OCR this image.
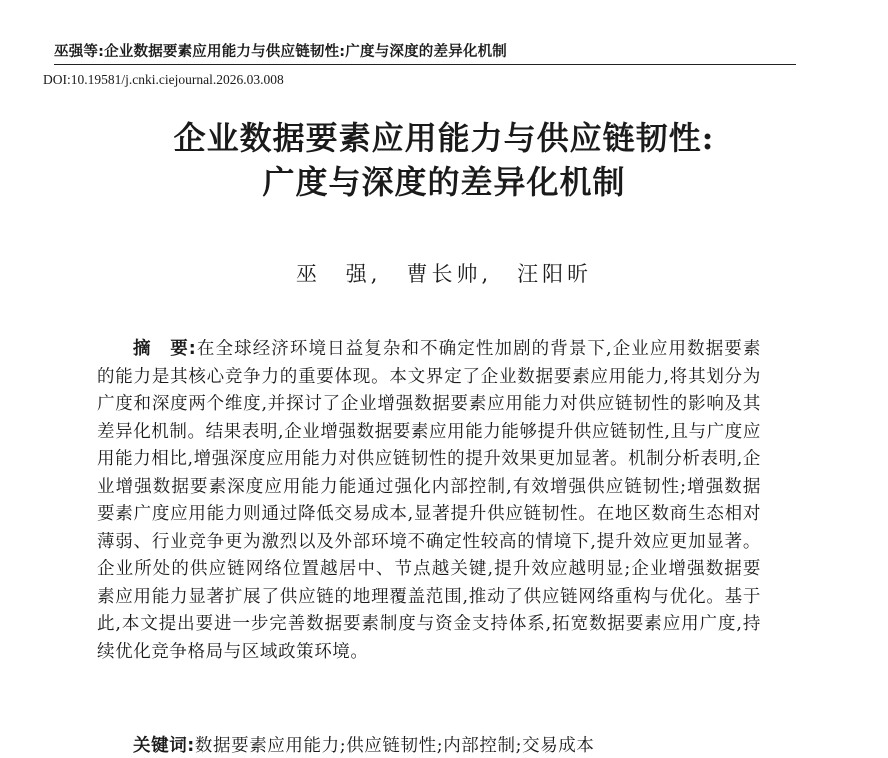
巫强等:企业数据要素应用能力与供应链韧性:广度与深度的差异化机制
DOI:10.19581/j.cnki.ciejournal.2026.03.008
企业数据要素应用能力与供应链韧性:
广度与深度的差异化机制
巫　强,　曹长帅,　汪阳昕
摘　要:在全球经济环境日益复杂和不确定性加剧的背景下,企业应用数据要素的能力是其核心竞争力的重要体现。本文界定了企业数据要素应用能力,将其划分为广度和深度两个维度,并探讨了企业增强数据要素应用能力对供应链韧性的影响及其差异化机制。结果表明,企业增强数据要素应用能力能够提升供应链韧性,且与广度应用能力相比,增强深度应用能力对供应链韧性的提升效果更加显著。机制分析表明,企业增强数据要素深度应用能力能通过强化内部控制,有效增强供应链韧性;增强数据要素广度应用能力则通过降低交易成本,显著提升供应链韧性。在地区数商生态相对薄弱、行业竞争更为激烈以及外部环境不确定性较高的情境下,提升效应更加显著。企业所处的供应链网络位置越居中、节点越关键,提升效应越明显;企业增强数据要素应用能力显著扩展了供应链的地理覆盖范围,推动了供应链网络重构与优化。基于此,本文提出要进一步完善数据要素制度与资金支持体系,拓宽数据要素应用广度,持续优化竞争格局与区域政策环境。
关键词:数据要素应用能力;供应链韧性;内部控制;交易成本
